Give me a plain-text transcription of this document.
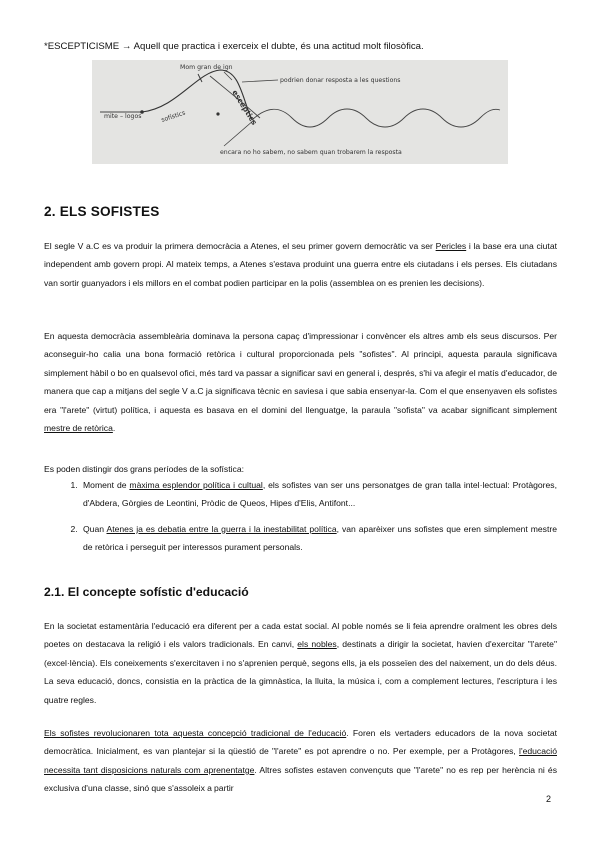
*ESCEPTICISME → Aquell que practica i exerceix el dubte, és una actitud molt filosòfica.
Mom gran de ign
mite – logos	sofístics	escèptics
podrien donar resposta a les questions
encara no ho sabem, no sabem quan trobarem la resposta
2. ELS SOFISTES

El segle V a.C es va produir la primera democràcia a Atenes, el seu primer govern democràtic va ser Pericles i la base era una ciutat independent amb govern propi. Al mateix temps, a Atenes s'estava produint una guerra entre els ciutadans i els perses. Els ciutadans van sortir guanyadors i els millors en el combat podien participar en la polis (assemblea on es prenien les decisions).

En aquesta democràcia assembleària dominava la persona capaç d'impressionar i convèncer els altres amb els seus discursos. Per aconseguir-ho calia una bona formació retòrica i cultural proporcionada pels "sofistes". Al principi, aquesta paraula significava simplement hàbil o bo en qualsevol ofici, més tard va passar a significar savi en general i, després, s'hi va afegir el matís d'educador, de manera que cap a mitjans del segle V a.C ja significava tècnic en saviesa i que sabia ensenyar-la. Com el que ensenyaven els sofistes era "l'arete" (virtut) política, i aquesta es basava en el domini del llenguatge, la paraula "sofista" va acabar significant simplement mestre de retòrica.

Es poden distingir dos grans períodes de la sofística:

1. Moment de màxima esplendor política i cultual, els sofistes van ser uns personatges de gran talla intel·lectual: Protàgores, d'Abdera, Gòrgies de Leontini, Pròdic de Queos, Hipes d'Elis, Antifont...
2. Quan Atenes ja es debatia entre la guerra i la inestabilitat política, van aparèixer uns sofistes que eren simplement mestre de retòrica i perseguit per interessos purament personals.
2.1. El concepte sofístic d'educació

En la societat estamentària l'educació era diferent per a cada estat social. Al poble només se li feia aprendre oralment les obres dels poetes on destacava la religió i els valors tradicionals. En canvi, els nobles, destinats a dirigir la societat, havien d'exercitar "l'arete" (excel·lència). Els coneixements s'exercitaven i no s'aprenien perquè, segons ells, ja els posseïen des del naixement, un do dels déus. La seva educació, doncs, consistia en la pràctica de la gimnàstica, la lluita, la música i, com a complement lectures, l'escriptura i les quatre regles.

Els sofistes revolucionaren tota aquesta concepció tradicional de l'educació. Foren els vertaders educadors de la nova societat democràtica. Inicialment, es van plantejar si la qüestió de "l'arete" es pot aprendre o no. Per exemple, per a Protàgores, l'educació necessita tant disposicions naturals com aprenentatge. Altres sofistes estaven convençuts que "l'arete" no es rep per herència ni és exclusiva d'una classe, sinó que s'assoleix a partir

2
